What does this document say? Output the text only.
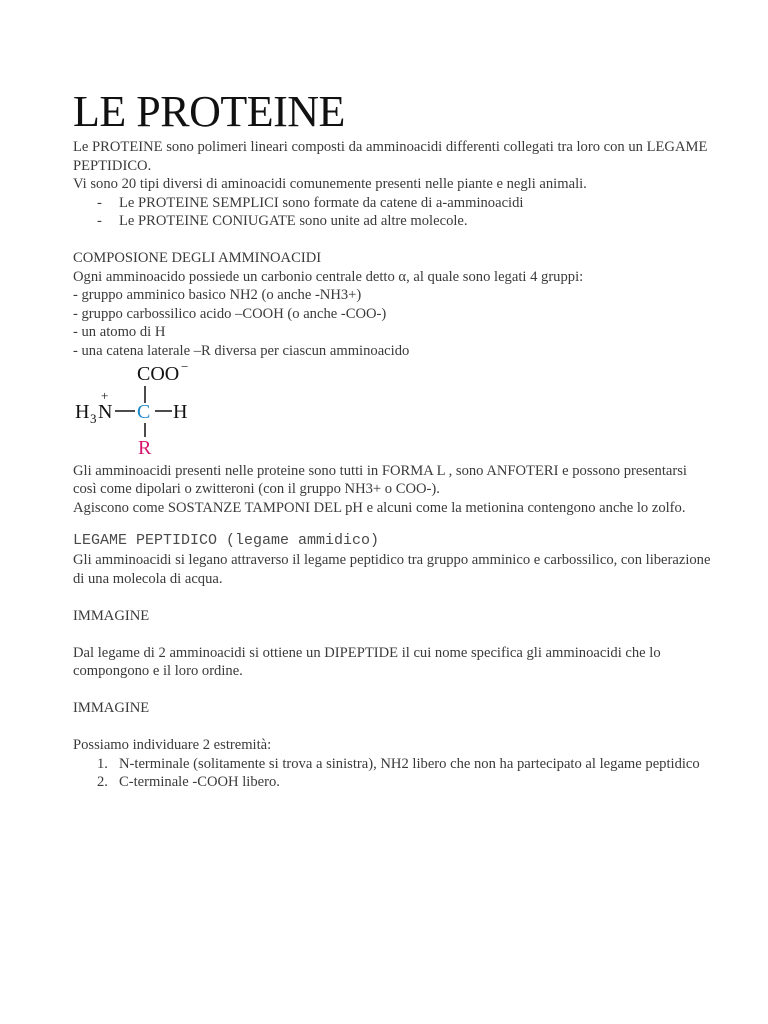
LE PROTEINE

Le PROTEINE sono polimeri lineari composti da amminoacidi differenti collegati tra loro con un LEGAME PEPTIDICO.

Vi sono 20 tipi diversi di aminoacidi comunemente presenti nelle piante e negli animali.

- Le PROTEINE SEMPLICI sono formate da catene di a-amminoacidi
- Le PROTEINE CONIUGATE sono unite ad altre molecole.

COMPOSIONE DEGLI AMMINOACIDI

Ogni amminoacido possiede un carbonio centrale detto α, al quale sono legati 4 gruppi:

- gruppo amminico basico NH2 (o anche -NH3+)

- gruppo carbossilico acido –COOH (o anche -COO-)

- un atomo di H

- una catena laterale –R diversa per ciascun amminoacido

COO −
H 3 N
+
C H
R

Gli amminoacidi presenti nelle proteine sono tutti in FORMA L , sono ANFOTERI e possono presentarsi così come dipolari o zwitteroni (con il gruppo NH3+ o COO-).

Agiscono come SOSTANZE TAMPONI DEL pH e alcuni come la metionina contengono anche lo zolfo.

LEGAME PEPTIDICO (legame ammidico)

Gli amminoacidi si legano attraverso il legame peptidico tra gruppo amminico e carbossilico, con liberazione di una molecola di acqua.

IMMAGINE

Dal legame di 2 amminoacidi si ottiene un DIPEPTIDE il cui nome specifica gli amminoacidi che lo compongono e il loro ordine.

IMMAGINE

Possiamo individuare 2 estremità:

1. N-terminale (solitamente si trova a sinistra), NH2 libero che non ha partecipato al legame peptidico
2. C-terminale -COOH libero.
